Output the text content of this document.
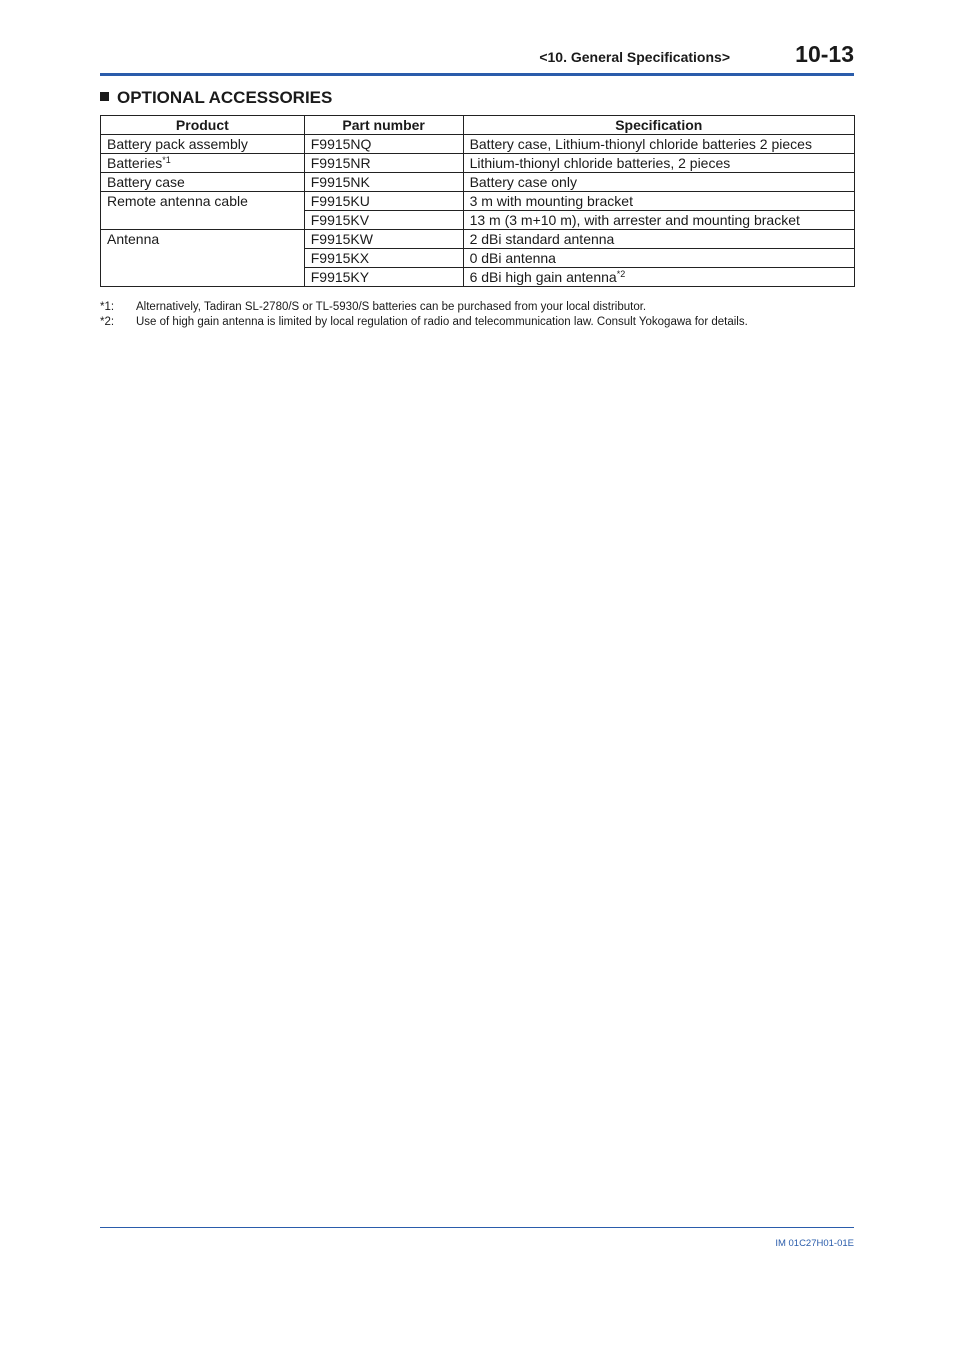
<10. General Specifications>	10-13
OPTIONAL ACCESSORIES
Product	Part number	Specification
Battery pack assembly	F9915NQ	Battery case, Lithium-thionyl chloride batteries 2 pieces
Batteries$^{*1}$	F9915NR	Lithium-thionyl chloride batteries, 2 pieces
Battery case	F9915NK	Battery case only
Remote antenna cable	F9915KU	3 m with mounting bracket
	F9915KV	13 m (3 m+10 m), with arrester and mounting bracket
Antenna	F9915KW	2 dBi standard antenna
	F9915KX	0 dBi antenna
	F9915KY	6 dBi high gain antenna$^{*2}$
*1: Alternatively, Tadiran SL-2780/S or TL-5930/S batteries can be purchased from your local distributor.
*2: Use of high gain antenna is limited by local regulation of radio and telecommunication law. Consult Yokogawa for details.
IM 01C27H01-01E
